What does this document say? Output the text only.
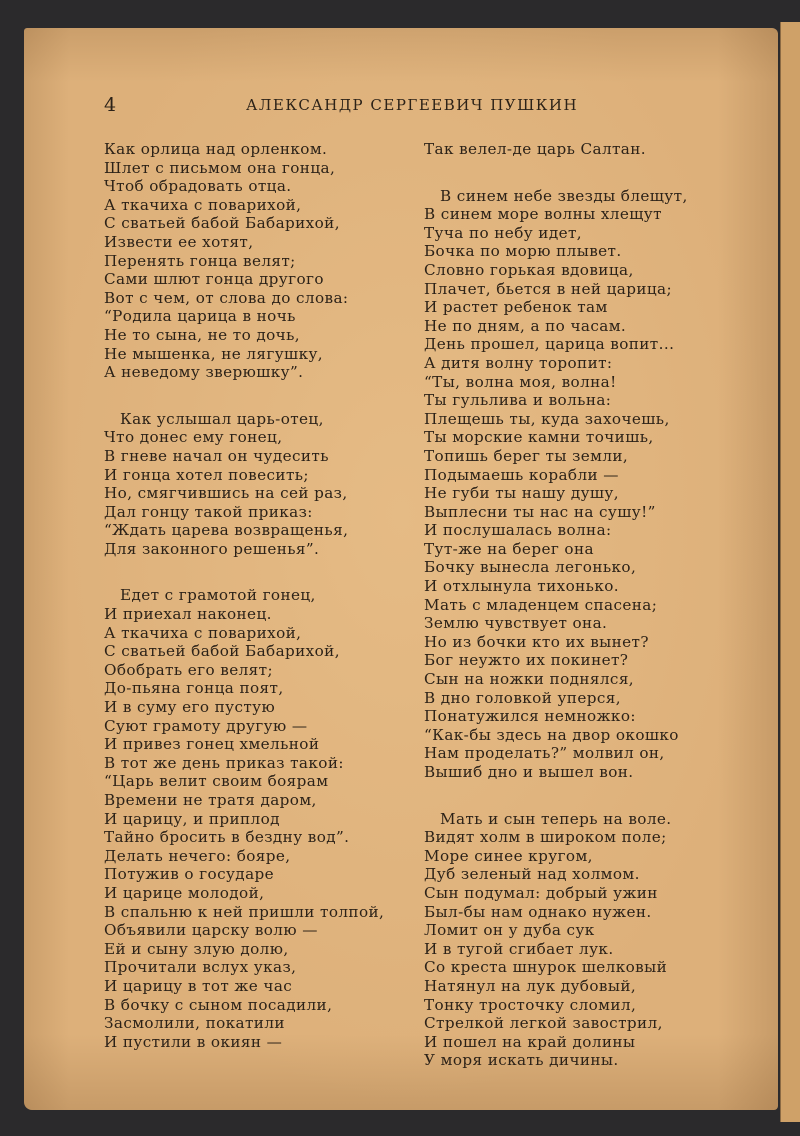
4	АЛЕКСАНДР СЕРГЕЕВИЧ ПУШКИН
Как орлица над орленком.
Шлет с письмом она гонца,
Чтоб обрадовать отца.
А ткачиха с поварихой,
С сватьей бабой Бабарихой,
Извести ее хотят,
Перенять гонца велят;
Сами шлют гонца другого
Вот с чем, от слова до слова:
“Родила царица в ночь
Не то сына, не то дочь,
Не мышенка, не лягушку,
А неведому зверюшку”.
Как услышал царь-отец,
Что донес ему гонец,
В гневе начал он чудесить
И гонца хотел повесить;
Но, смягчившись на сей раз,
Дал гонцу такой приказ:
“Ждать царева возвращенья,
Для законного решенья”.
Едет с грамотой гонец,
И приехал наконец.
А ткачиха с поварихой,
С сватьей бабой Бабарихой,
Обобрать его велят;
До-пьяна гонца поят,
И в суму его пустую
Суют грамоту другую —
И привез гонец хмельной
В тот же день приказ такой:
“Царь велит своим боярам
Времени не тратя даром,
И царицу, и приплод
Тайно бросить в бездну вод”.
Делать нечего: бояре,
Потужив о государе
И царице молодой,
В спальню к ней пришли толпой,
Объявили царску волю —
Ей и сыну злую долю,
Прочитали вслух указ,
И царицу в тот же час
В бочку с сыном посадили,
Засмолили, покатили
И пустили в окиян —
Так велел-де царь Салтан.
В синем небе звезды блещут,
В синем море волны хлещут
Туча по небу идет,
Бочка по морю плывет.
Словно горькая вдовица,
Плачет, бьется в ней царица;
И растет ребенок там
Не по дням, а по часам.
День прошел, царица вопит...
А дитя волну торопит:
“Ты, волна моя, волна!
Ты гульлива и вольна:
Плещешь ты, куда захочешь,
Ты морские камни точишь,
Топишь берег ты земли,
Подымаешь корабли —
Не губи ты нашу душу,
Выплесни ты нас на сушу!”
И послушалась волна:
Тут-же на берег она
Бочку вынесла легонько,
И отхлынула тихонько.
Мать с младенцем спасена;
Землю чувствует она.
Но из бочки кто их вынет?
Бог неужто их покинет?
Сын на ножки поднялся,
В дно головкой уперся,
Понатужился немножко:
“Как-бы здесь на двор окошко
Нам проделать?” молвил он,
Вышиб дно и вышел вон.
Мать и сын теперь на воле.
Видят холм в широком поле;
Море синее кругом,
Дуб зеленый над холмом.
Сын подумал: добрый ужин
Был-бы нам однако нужен.
Ломит он у дуба сук
И в тугой сгибает лук.
Со креста шнурок шелковый
Натянул на лук дубовый,
Тонку тросточку сломил,
Стрелкой легкой завострил,
И пошел на край долины
У моря искать дичины.
